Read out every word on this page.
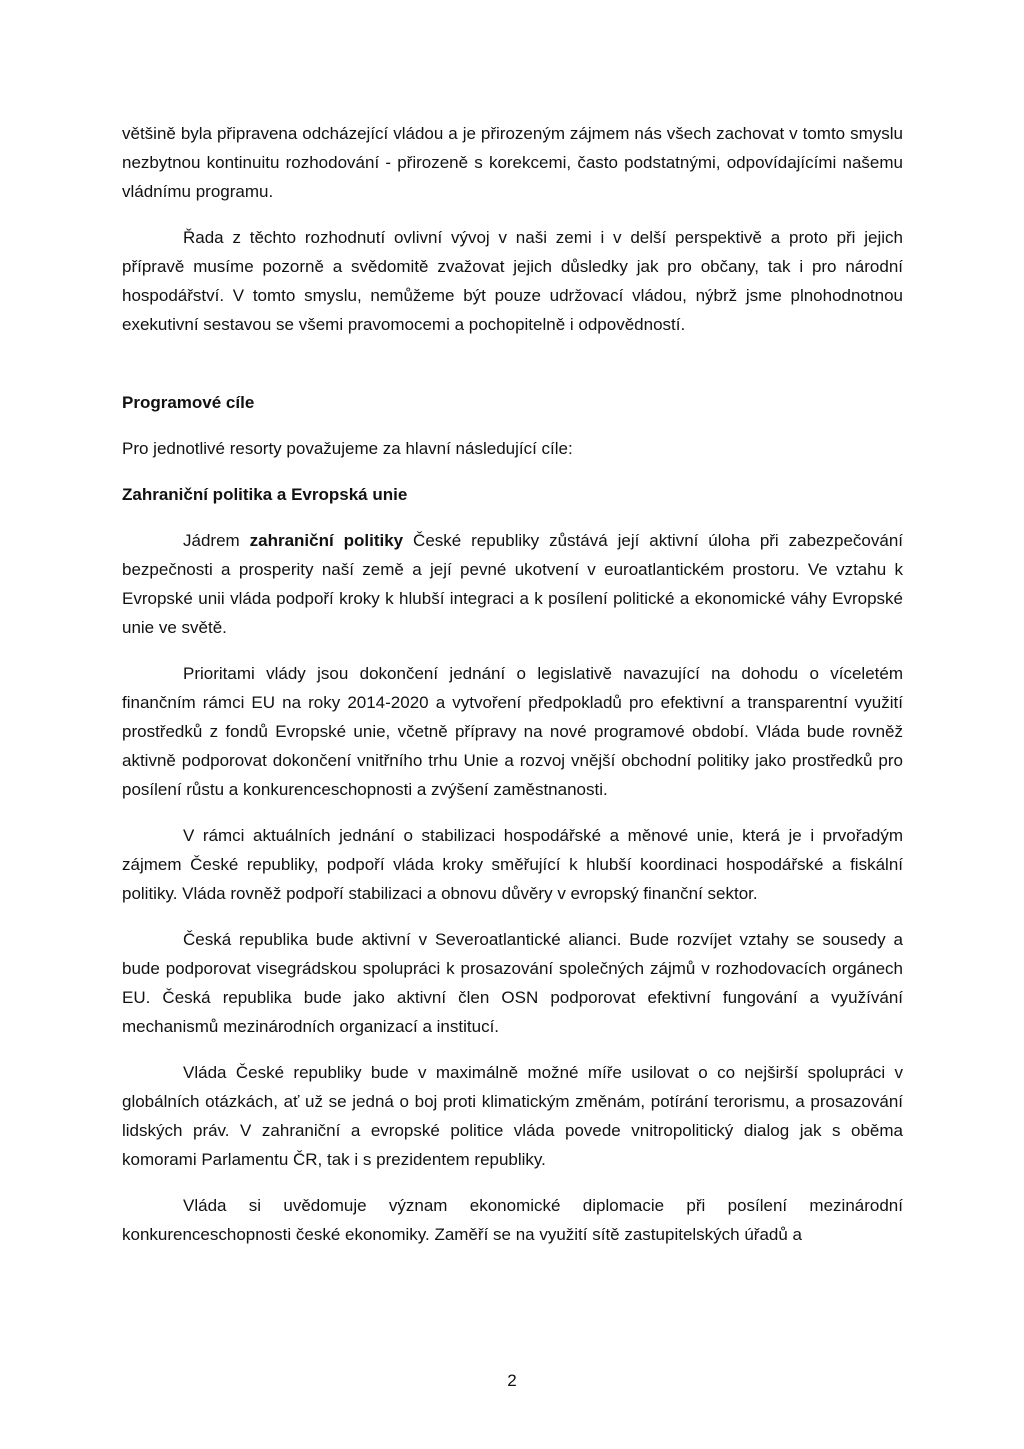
většině byla připravena odcházející vládou a je přirozeným zájmem nás všech zachovat v tomto smyslu nezbytnou kontinuitu rozhodování - přirozeně s korekcemi, často podstatnými, odpovídajícími našemu vládnímu programu.

Řada z těchto rozhodnutí ovlivní vývoj v naši zemi i v delší perspektivě a proto při jejich přípravě musíme pozorně a svědomitě zvažovat jejich důsledky jak pro občany, tak i pro národní hospodářství. V tomto smyslu, nemůžeme být pouze udržovací vládou, nýbrž jsme plnohodnotnou exekutivní sestavou se všemi pravomocemi a pochopitelně i odpovědností.

Programové cíle

Pro jednotlivé resorty považujeme za hlavní následující cíle:

Zahraniční politika a Evropská unie

Jádrem zahraniční politiky České republiky zůstává její aktivní úloha při zabezpečování bezpečnosti a prosperity naší země a její pevné ukotvení v euroatlantickém prostoru. Ve vztahu k Evropské unii vláda podpoří kroky k hlubší integraci a k posílení politické a ekonomické váhy Evropské unie ve světě.

Prioritami vlády jsou dokončení jednání o legislativě navazující na dohodu o víceletém finančním rámci EU na roky 2014-2020 a vytvoření předpokladů pro efektivní a transparentní využití prostředků z fondů Evropské unie, včetně přípravy na nové programové období. Vláda bude rovněž aktivně podporovat dokončení vnitřního trhu Unie a rozvoj vnější obchodní politiky jako prostředků pro posílení růstu a konkurenceschopnosti a zvýšení zaměstnanosti.

V rámci aktuálních jednání o stabilizaci hospodářské a měnové unie, která je i prvořadým zájmem České republiky, podpoří vláda kroky směřující k hlubší koordinaci hospodářské a fiskální politiky. Vláda rovněž podpoří stabilizaci a obnovu důvěry v evropský finanční sektor.

Česká republika bude aktivní v Severoatlantické alianci. Bude rozvíjet vztahy se sousedy a bude podporovat visegrádskou spolupráci k prosazování společných zájmů v rozhodovacích orgánech EU. Česká republika bude jako aktivní člen OSN podporovat efektivní fungování a využívání mechanismů mezinárodních organizací a institucí.

Vláda České republiky bude v maximálně možné míře usilovat o co nejširší spolupráci v globálních otázkách, ať už se jedná o boj proti klimatickým změnám, potírání terorismu, a prosazování lidských práv. V zahraniční a evropské politice vláda povede vnitropolitický dialog jak s oběma komorami Parlamentu ČR, tak i s prezidentem republiky.

Vláda si uvědomuje význam ekonomické diplomacie při posílení mezinárodní konkurenceschopnosti české ekonomiky. Zaměří se na využití sítě zastupitelských úřadů a

2
